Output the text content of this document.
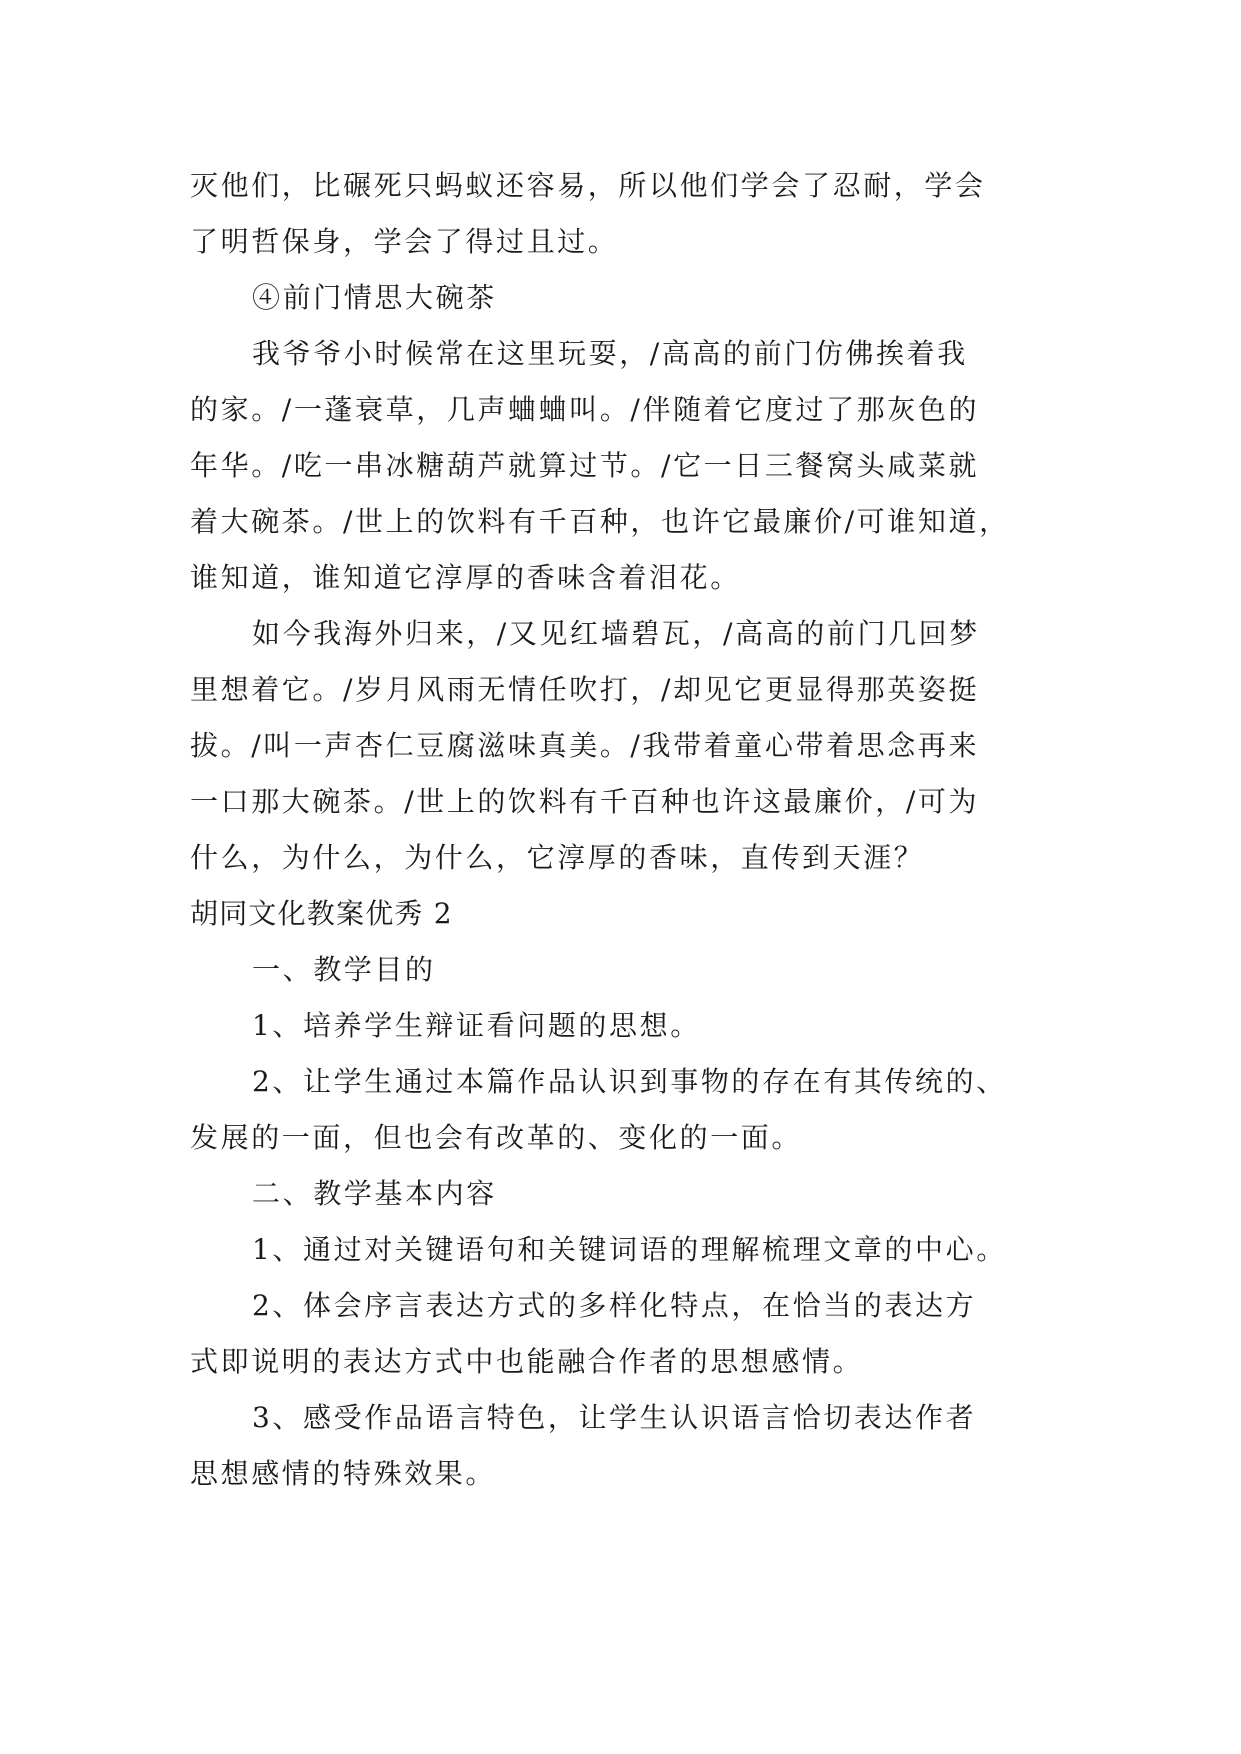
灭他们，比碾死只蚂蚁还容易，所以他们学会了忍耐，学会
了明哲保身，学会了得过且过。
④前门情思大碗茶
我爷爷小时候常在这里玩耍，/高高的前门仿佛挨着我
的家。/一蓬衰草，几声蛐蛐叫。/伴随着它度过了那灰色的
年华。/吃一串冰糖葫芦就算过节。/它一日三餐窝头咸菜就
着大碗茶。/世上的饮料有千百种，也许它最廉价/可谁知道，
谁知道，谁知道它淳厚的香味含着泪花。
如今我海外归来，/又见红墙碧瓦，/高高的前门几回梦
里想着它。/岁月风雨无情任吹打，/却见它更显得那英姿挺
拔。/叫一声杏仁豆腐滋味真美。/我带着童心带着思念再来
一口那大碗茶。/世上的饮料有千百种也许这最廉价，/可为
什么，为什么，为什么，它淳厚的香味，直传到天涯？
胡同文化教案优秀 2
一、教学目的
1、培养学生辩证看问题的思想。
2、让学生通过本篇作品认识到事物的存在有其传统的、
发展的一面，但也会有改革的、变化的一面。
二、教学基本内容
1、通过对关键语句和关键词语的理解梳理文章的中心。
2、体会序言表达方式的多样化特点，在恰当的表达方
式即说明的表达方式中也能融合作者的思想感情。
3、感受作品语言特色，让学生认识语言恰切表达作者
思想感情的特殊效果。
